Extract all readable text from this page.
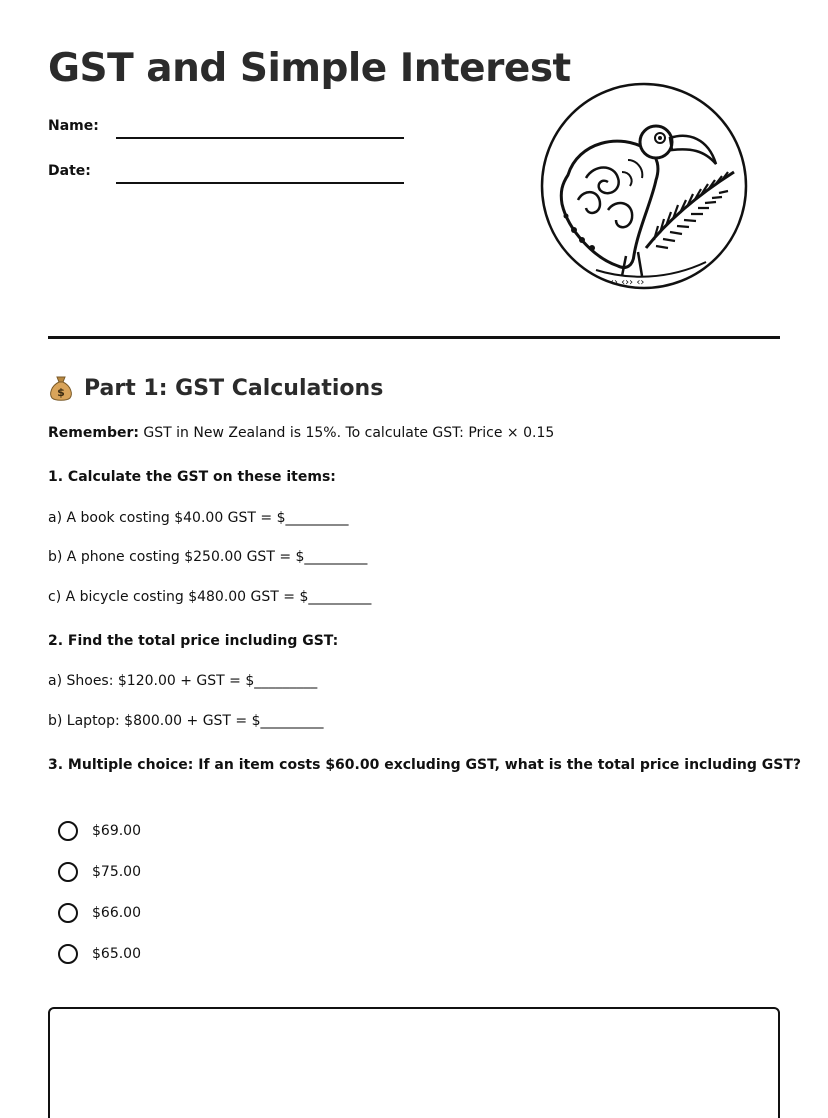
GST and Simple Interest
Name:
Date:
‹› ‹›› ‹›
$ Part 1: GST Calculations
Remember: GST in New Zealand is 15%. To calculate GST: Price × 0.15
1. Calculate the GST on these items:
a) A book costing $40.00 GST = $_________
b) A phone costing $250.00 GST = $_________
c) A bicycle costing $480.00 GST = $_________
2. Find the total price including GST:
a) Shoes: $120.00 + GST = $_________
b) Laptop: $800.00 + GST = $_________
3. Multiple choice: If an item costs $60.00 excluding GST, what is the total price including GST?
$69.00
$75.00
$66.00
$65.00
